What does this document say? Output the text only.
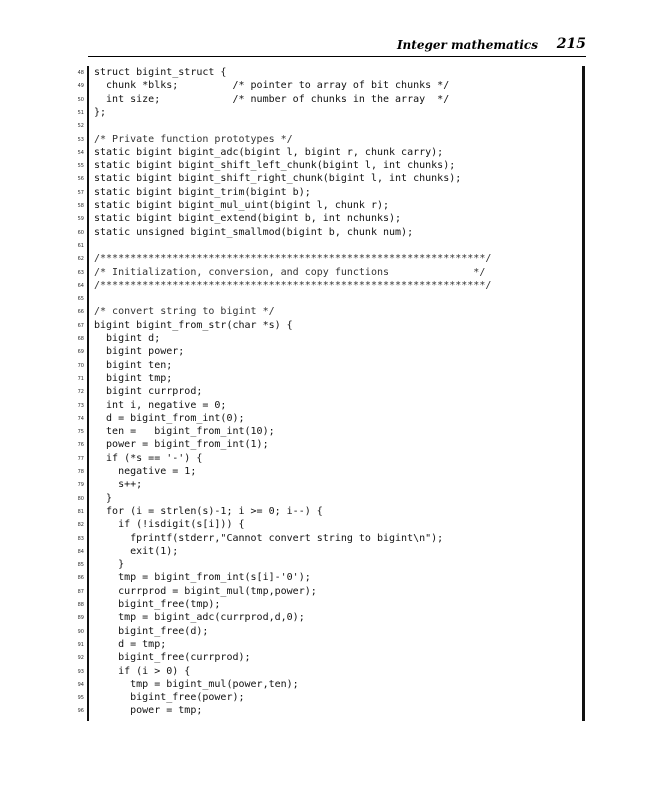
Integer mathematics 215
48 struct bigint_struct {
49 chunk *blks;         /* pointer to array of bit chunks */
50 int size;            /* number of chunks in the array  */
51 };
52
53 /* Private function prototypes */
54 static bigint bigint_adc(bigint l, bigint r, chunk carry);
55 static bigint bigint_shift_left_chunk(bigint l, int chunks);
56 static bigint bigint_shift_right_chunk(bigint l, int chunks);
57 static bigint bigint_trim(bigint b);
58 static bigint bigint_mul_uint(bigint l, chunk r);
59 static bigint bigint_extend(bigint b, int nchunks);
60 static unsigned bigint_smallmod(bigint b, chunk num);
61
62 /****************************************************************/
63 /* Initialization, conversion, and copy functions              */
64 /****************************************************************/
65
66 /* convert string to bigint */
67 bigint bigint_from_str(char *s) {
68 bigint d;
69 bigint power;
70 bigint ten;
71 bigint tmp;
72 bigint currprod;
73 int i, negative = 0;
74 d = bigint_from_int(0);
75 ten =   bigint_from_int(10);
76 power = bigint_from_int(1);
77 if (*s == '-') {
78 negative = 1;
79 s++;
80 }
81 for (i = strlen(s)-1; i >= 0; i--) {
82 if (!isdigit(s[i])) {
83 fprintf(stderr,"Cannot convert string to bigint\n");
84 exit(1);
85 }
86 tmp = bigint_from_int(s[i]-'0');
87 currprod = bigint_mul(tmp,power);
88 bigint_free(tmp);
89 tmp = bigint_adc(currprod,d,0);
90 bigint_free(d);
91 d = tmp;
92 bigint_free(currprod);
93 if (i > 0) {
94 tmp = bigint_mul(power,ten);
95 bigint_free(power);
96 power = tmp;
